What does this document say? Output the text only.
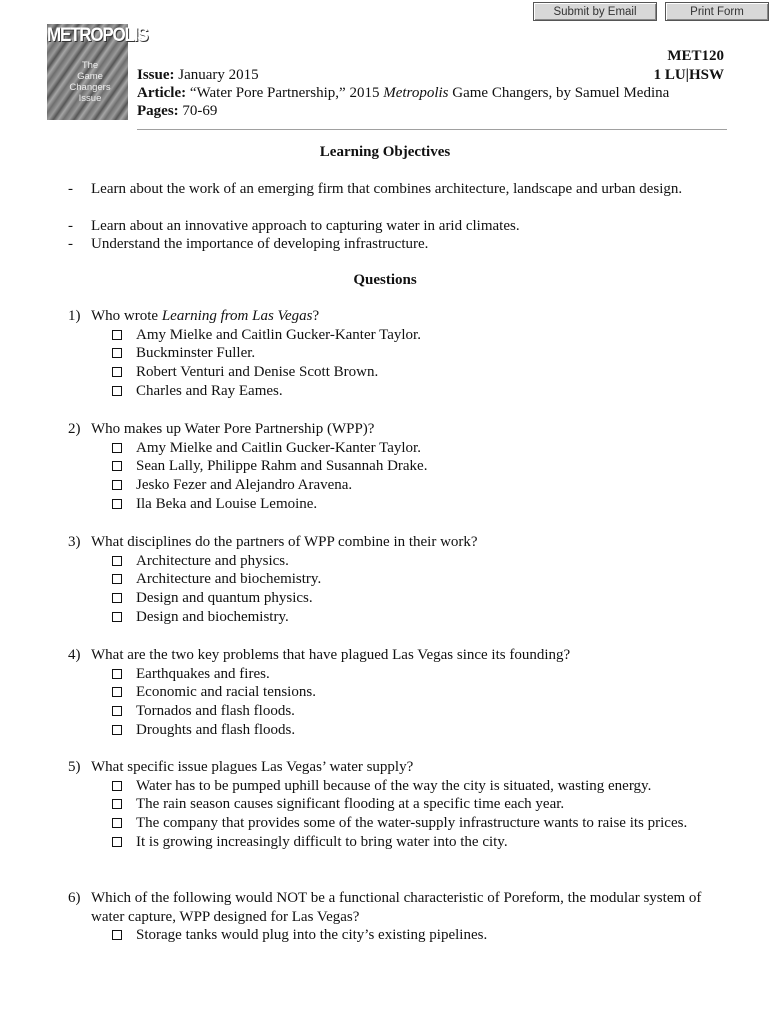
Submit by Email	Print Form
METROPOLIS
The
Game
Changers
Issue
MET120
1 LU|HSW
Issue: January 2015
Article: “Water Pore Partnership,” 2015 Metropolis Game Changers, by Samuel Medina
Pages: 70-69
Learning Objectives
- Learn about the work of an emerging firm that combines architecture, landscape and urban design.
- Learn about an innovative approach to capturing water in arid climates.
- Understand the importance of developing infrastructure.
Questions
1) Who wrote Learning from Las Vegas?
Amy Mielke and Caitlin Gucker-Kanter Taylor.
Buckminster Fuller.
Robert Venturi and Denise Scott Brown.
Charles and Ray Eames.
2) Who makes up Water Pore Partnership (WPP)?
Amy Mielke and Caitlin Gucker-Kanter Taylor.
Sean Lally, Philippe Rahm and Susannah Drake.
Jesko Fezer and Alejandro Aravena.
Ila Beka and Louise Lemoine.
3) What disciplines do the partners of WPP combine in their work?
Architecture and physics.
Architecture and biochemistry.
Design and quantum physics.
Design and biochemistry.
4) What are the two key problems that have plagued Las Vegas since its founding?
Earthquakes and fires.
Economic and racial tensions.
Tornados and flash floods.
Droughts and flash floods.
5) What specific issue plagues Las Vegas’ water supply?
Water has to be pumped uphill because of the way the city is situated, wasting energy.
The rain season causes significant flooding at a specific time each year.
The company that provides some of the water-supply infrastructure wants to raise its prices.
It is growing increasingly difficult to bring water into the city.
6) Which of the following would NOT be a functional characteristic of Poreform, the modular system of water capture, WPP designed for Las Vegas?
Storage tanks would plug into the city’s existing pipelines.
